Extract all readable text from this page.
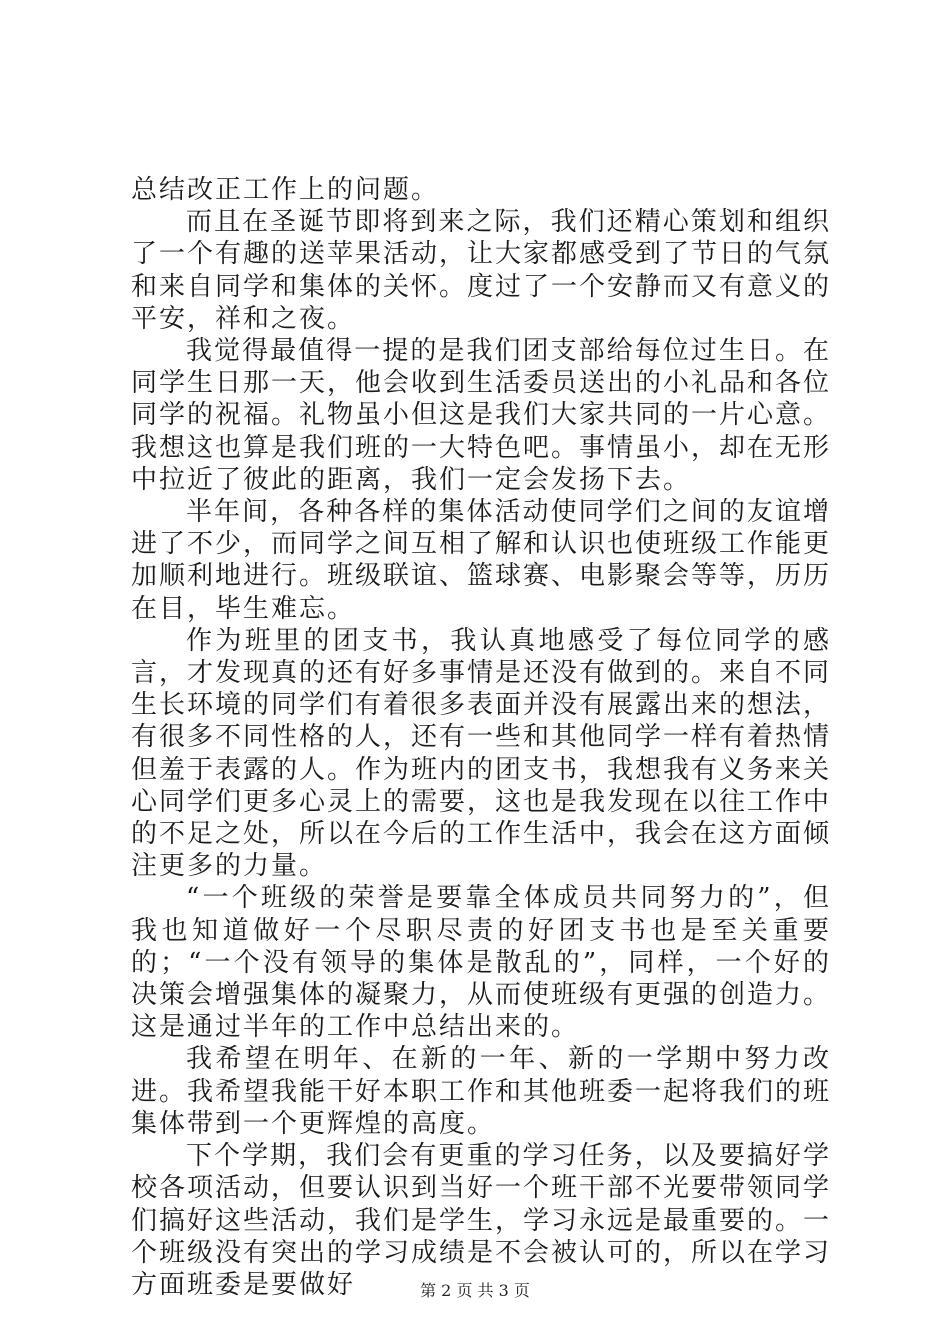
总结改正工作上的问题。

而且在圣诞节即将到来之际，我们还精心策划和组织了一个有趣的送苹果活动，让大家都感受到了节日的气氛和来自同学和集体的关怀。度过了一个安静而又有意义的平安，祥和之夜。

我觉得最值得一提的是我们团支部给每位过生日。在同学生日那一天，他会收到生活委员送出的小礼品和各位同学的祝福。礼物虽小但这是我们大家共同的一片心意。我想这也算是我们班的一大特色吧。事情虽小，却在无形中拉近了彼此的距离，我们一定会发扬下去。

半年间，各种各样的集体活动使同学们之间的友谊增进了不少，而同学之间互相了解和认识也使班级工作能更加顺利地进行。班级联谊、篮球赛、电影聚会等等，历历在目，毕生难忘。

作为班里的团支书，我认真地感受了每位同学的感言，才发现真的还有好多事情是还没有做到的。来自不同生长环境的同学们有着很多表面并没有展露出来的想法，有很多不同性格的人，还有一些和其他同学一样有着热情但羞于表露的人。作为班内的团支书，我想我有义务来关心同学们更多心灵上的需要，这也是我发现在以往工作中的不足之处，所以在今后的工作生活中，我会在这方面倾注更多的力量。

“一个班级的荣誉是要靠全体成员共同努力的”，但我也知道做好一个尽职尽责的好团支书也是至关重要的；“一个没有领导的集体是散乱的”，同样，一个好的决策会增强集体的凝聚力，从而使班级有更强的创造力。这是通过半年的工作中总结出来的。

我希望在明年、在新的一年、新的一学期中努力改进。我希望我能干好本职工作和其他班委一起将我们的班集体带到一个更辉煌的高度。

下个学期，我们会有更重的学习任务，以及要搞好学校各项活动，但要认识到当好一个班干部不光要带领同学们搞好这些活动，我们是学生，学习永远是最重要的。一个班级没有突出的学习成绩是不会被认可的，所以在学习方面班委是要做好	第 2 页 共 3 页
